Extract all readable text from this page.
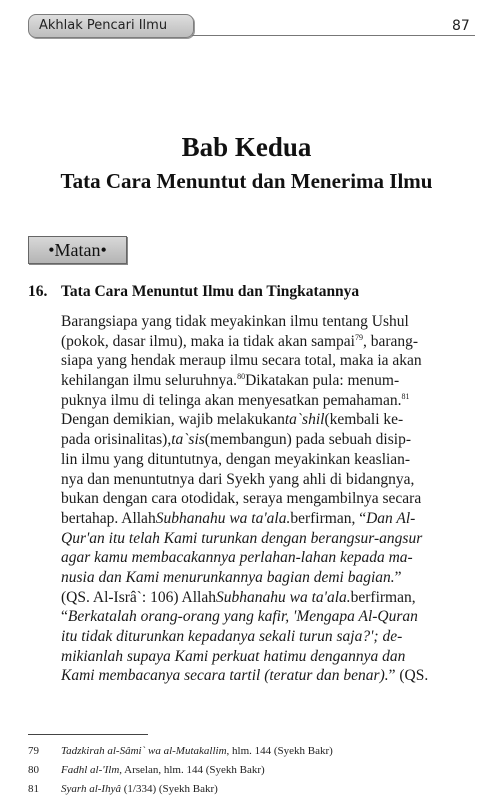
Akhlak Pencari Ilmu	87
Bab Kedua
Tata Cara Menuntut dan Menerima Ilmu
•Matan•
16. Tata Cara Menuntut Ilmu dan Tingkatannya
Barangsiapa yang tidak meyakinkan ilmu tentang Ushul
(pokok, dasar ilmu), maka ia tidak akan sampai$^{79}$, barang-
siapa yang hendak meraup ilmu secara total, maka ia akan
kehilangan ilmu seluruhnya.$^{80}$Dikatakan pula: menum-
puknya ilmu di telinga akan menyesatkan pemahaman.$^{81}$
Dengan demikian, wajib melakukanta`shil(kembali ke-
pada orisinalitas),ta`sis(membangun) pada sebuah disip-
lin ilmu yang dituntutnya, dengan meyakinkan keaslian-
nya dan menuntutnya dari Syekh yang ahli di bidangnya,
bukan dengan cara otodidak, seraya mengambilnya secara
bertahap. AllahSubhanahu wa ta'ala.berfirman, “Dan Al-
Qur'an itu telah Kami turunkan dengan berangsur-angsur
agar kamu membacakannya perlahan-lahan kepada ma-
nusia dan Kami menurunkannya bagian demi bagian.”
(QS. Al-Isrâ`: 106) AllahSubhanahu wa ta'ala.berfirman,
“Berkatalah orang-orang yang kafir, 'Mengapa Al-Quran
itu tidak diturunkan kepadanya sekali turun saja?'; de-
mikianlah supaya Kami perkuat hatimu dengannya dan
Kami membacanya secara tartil (teratur dan benar).” (QS.
79	Tadzkirah al-Sâmi` wa al-Mutakallim, hlm. 144 (Syekh Bakr)
80	Fadhl al-'Ilm, Arselan, hlm. 144 (Syekh Bakr)
81	Syarh al-Ihyâ (1/334) (Syekh Bakr)
